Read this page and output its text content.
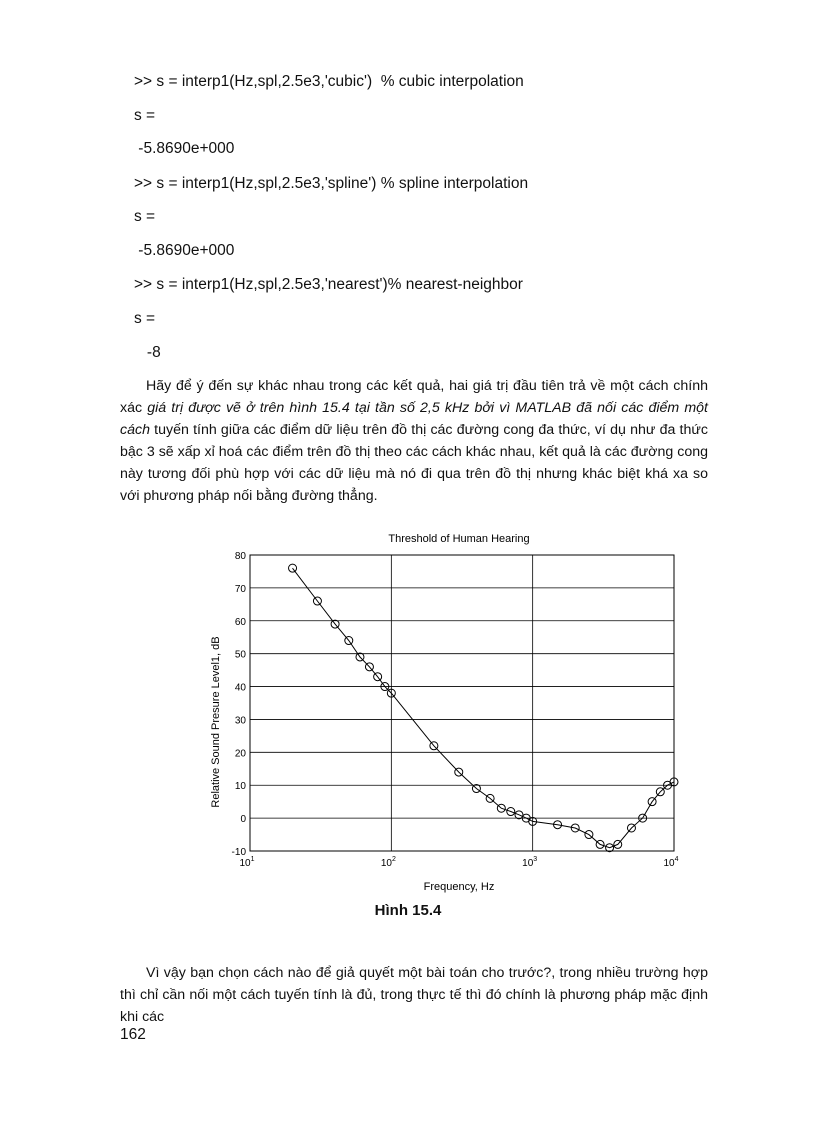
>> s = interp1(Hz,spl,2.5e3,'cubic')  % cubic interpolation
s =
-5.8690e+000
>> s = interp1(Hz,spl,2.5e3,'spline') % spline interpolation
s =
-5.8690e+000
>> s = interp1(Hz,spl,2.5e3,'nearest')% nearest-neighbor
s =
-8
Hãy để ý đến sự khác nhau trong các kết quả, hai giá trị đầu tiên trả về một cách chính xác giá trị được vẽ ở trên hình 15.4 tại tần số 2,5 kHz bởi vì MATLAB đã nối các điểm một cách tuyến tính giữa các điểm dữ liệu trên đồ thị các đường cong đa thức, ví dụ như đa thức bậc 3 sẽ xấp xỉ hoá các điểm trên đồ thị theo các cách khác nhau, kết quả là các đường cong này tương đối phù hợp với các dữ liệu mà nó đi qua trên đồ thị nhưng khác biệt khá xa so với phương pháp nối bằng đường thẳng.
Threshold of Human Hearing
Frequency, Hz
Relative Sound Presure Level1, dB
80
70
60
50
40
30
20
10
0
-10
$10^1$	$10^2$	$10^3$	$10^4$
Hình 15.4
Vì vậy bạn chọn cách nào để giả quyết một bài toán cho trước?, trong nhiều trường hợp thì chỉ cần nối một cách tuyến tính là đủ, trong thực tế thì đó chính là phương pháp mặc định khi các
162
